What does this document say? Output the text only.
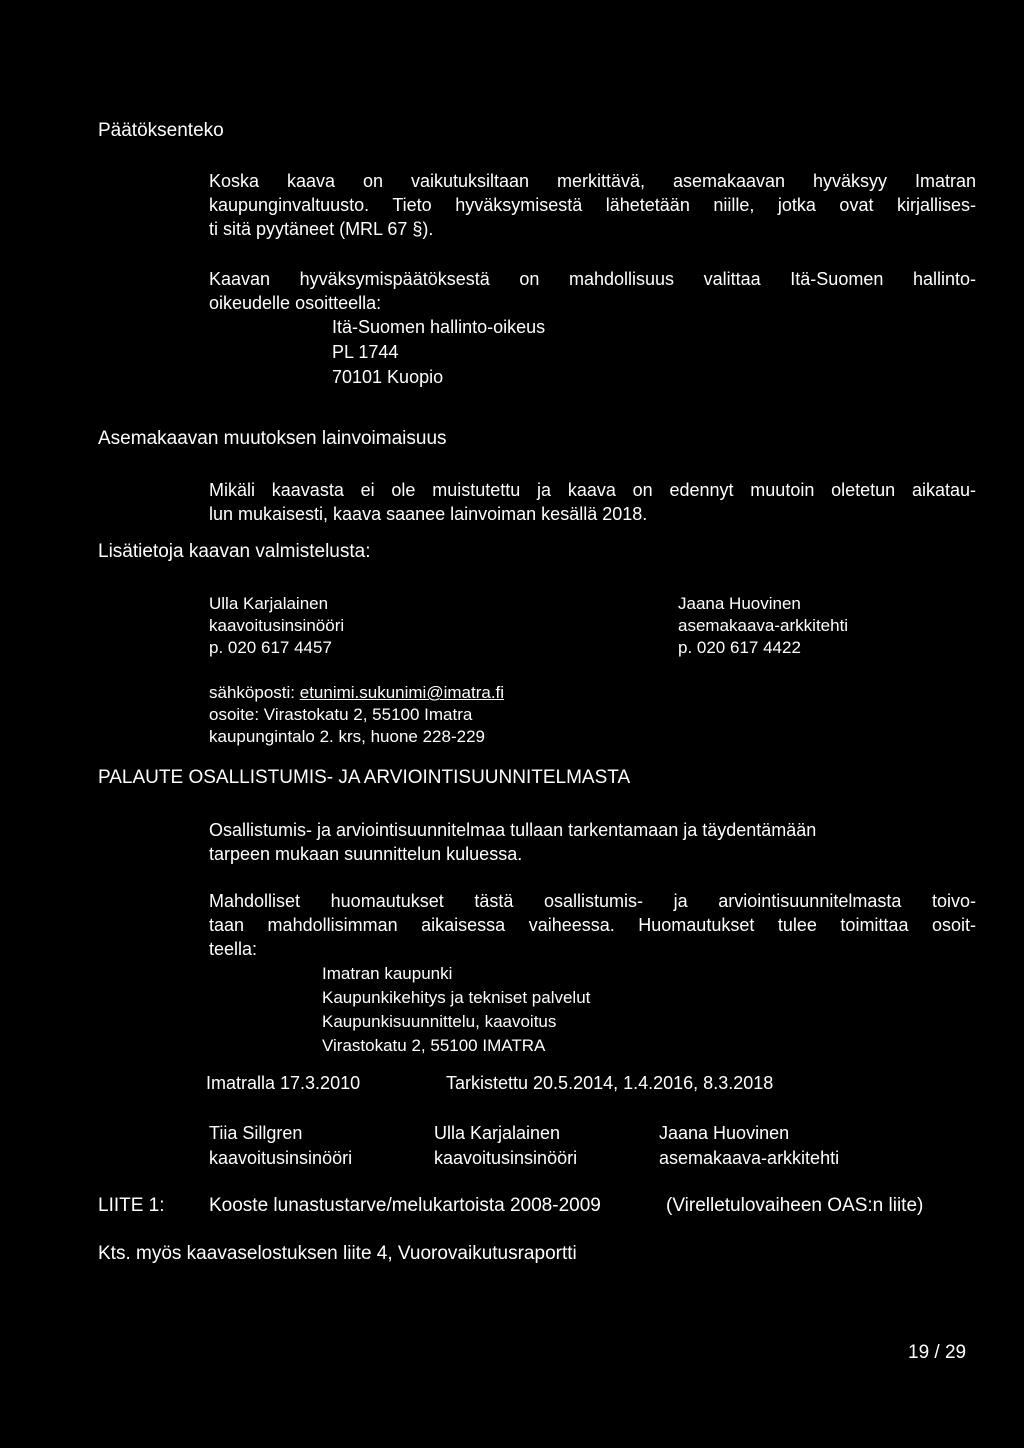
Päätöksenteko

Koska kaava on vaikutuksiltaan merkittävä, asemakaavan hyväksyy Imatran
kaupunginvaltuusto. Tieto hyväksymisestä lähetetään niille, jotka ovat kirjallises-
ti sitä pyytäneet (MRL 67 §).
Kaavan hyväksymispäätöksestä on mahdollisuus valittaa Itä-Suomen hallinto-
oikeudelle osoitteella:
Itä-Suomen hallinto-oikeus
PL 1744
70101 Kuopio

Asemakaavan muutoksen lainvoimaisuus

Mikäli kaavasta ei ole muistutettu ja kaava on edennyt muutoin oletetun aikatau-
lun mukaisesti, kaava saanee lainvoiman kesällä 2018.

Lisätietoja kaavan valmistelusta:

Ulla Karjalainen
kaavoitusinsinööri
p. 020 617 4457
Jaana Huovinen
asemakaava-arkkitehti
p. 020 617 4422
sähköposti: etunimi.sukunimi@imatra.fi
osoite: Virastokatu 2, 55100 Imatra
kaupungintalo 2. krs, huone 228-229

PALAUTE OSALLISTUMIS- JA ARVIOINTISUUNNITELMASTA

Osallistumis- ja arviointisuunnitelmaa tullaan tarkentamaan ja täydentämään
tarpeen mukaan suunnittelun kuluessa.
Mahdolliset huomautukset tästä osallistumis- ja arviointisuunnitelmasta toivo-
taan mahdollisimman aikaisessa vaiheessa. Huomautukset tulee toimittaa osoit-
teella:
Imatran kaupunki
Kaupunkikehitys ja tekniset palvelut
Kaupunkisuunnittelu, kaavoitus
Virastokatu 2, 55100 IMATRA

Imatralla 17.3.2010	Tarkistettu 20.5.2014, 1.4.2016, 8.3.2018

Tiia Sillgren
kaavoitusinsinööri
Ulla Karjalainen
kaavoitusinsinööri
Jaana Huovinen
asemakaava-arkkitehti

LIITE 1: Kooste lunastustarve/melukartoista 2008-2009	(Virelletulovaiheen OAS:n liite)

Kts. myös kaavaselostuksen liite 4, Vuorovaikutusraportti

19 / 29
